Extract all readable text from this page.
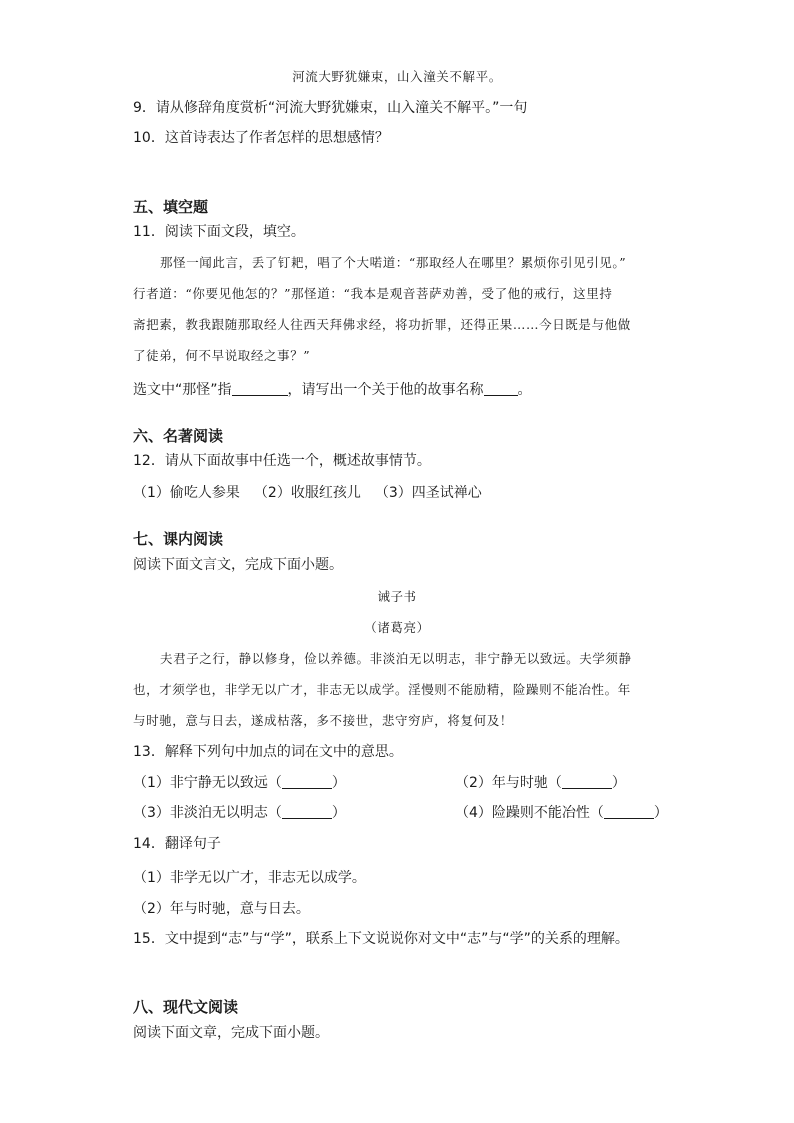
河流大野犹嫌束，山入潼关不解平。
9．请从修辞角度赏析“河流大野犹嫌束，山入潼关不解平。”一句
10．这首诗表达了作者怎样的思想感情？
五、填空题
11．阅读下面文段，填空。
那怪一闻此言，丢了钉耙，唱了个大喏道：“那取经人在哪里？累烦你引见引见。”
行者道：“你要见他怎的？”那怪道：“我本是观音菩萨劝善，受了他的戒行，这里持
斋把素，教我跟随那取经人往西天拜佛求经，将功折罪，还得正果……今日既是与他做
了徒弟，何不早说取经之事？”
选文中“那怪”指	，请写出一个关于他的故事名称 。
六、名著阅读
12．请从下面故事中任选一个，概述故事情节。
（1）偷吃人参果 （2）收服红孩儿 （3）四圣试禅心
七、课内阅读
阅读下面文言文，完成下面小题。
诫子书
（诸葛亮）
夫君子之行，静以修身，俭以养德。非淡泊无以明志，非宁静无以致远。夫学须静
也，才须学也，非学无以广才，非志无以成学。淫慢则不能励精，险躁则不能冶性。年
与时驰，意与日去，遂成枯落，多不接世，悲守穷庐，将复何及！
13．解释下列句中加点的词在文中的意思。
（1）非宁静无以致远（	）	（2）年与时驰（	）
（3）非淡泊无以明志（	）	（4）险躁则不能冶性（	）
14．翻译句子
（1）非学无以广才，非志无以成学。
（2）年与时驰，意与日去。
15．文中提到“志”与“学”，联系上下文说说你对文中“志”与“学”的关系的理解。
八、现代文阅读
阅读下面文章，完成下面小题。
